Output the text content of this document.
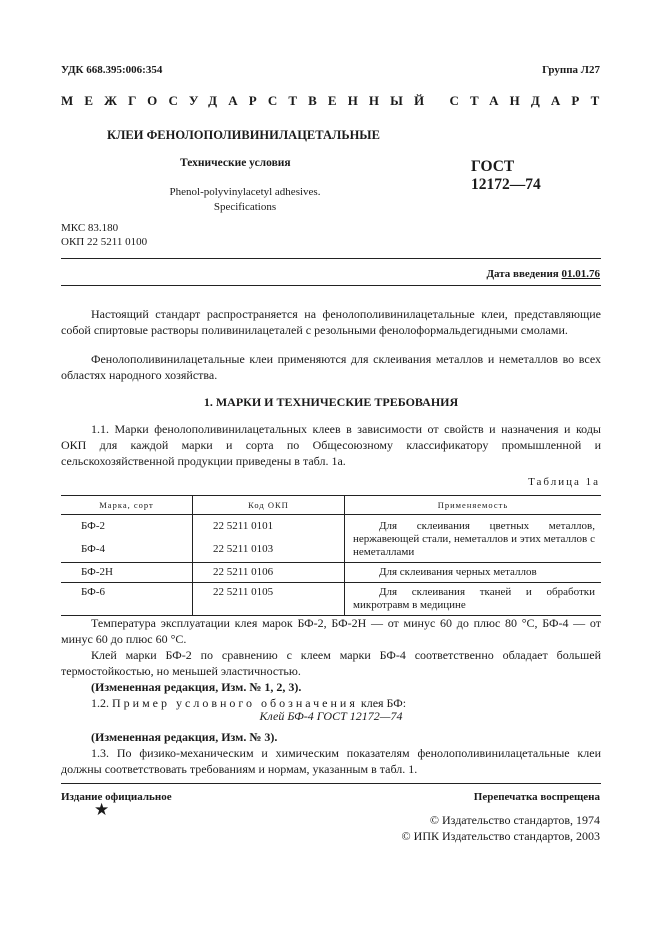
УДК 668.395:006:354	Группа Л27
МЕЖГОСУДАРСТВЕННЫЙ СТАНДАРТ
КЛЕИ ФЕНОЛОПОЛИВИНИЛАЦЕТАЛЬНЫЕ
Технические условия
Phenol-polyvinylacetyl adhesives.
Specifications
ГОСТ
12172—74
МКС 83.180
ОКП 22 5211 0100
Дата введения 01.01.76
Настоящий стандарт распространяется на фенолополивинилацетальные клеи, представляющие собой спиртовые растворы поливинилацеталей с резольными фенолоформальдегидными смолами.
Фенолополивинилацетальные клеи применяются для склеивания металлов и неметаллов во всех областях народного хозяйства.
1. МАРКИ И ТЕХНИЧЕСКИЕ ТРЕБОВАНИЯ
1.1. Марки фенолополивинилацетальных клеев в зависимости от свойств и назначения и коды ОКП для каждой марки и сорта по Общесоюзному классификатору промышленной и сельскохозяйственной продукции приведены в табл. 1а.
Таблица 1а
Марка, сорт	Код ОКП	Применяемость
БФ-2	22 5211 0101	Для склеивания цветных металлов, нержавеющей стали, неметаллов и этих металлов с неметаллами
БФ-4	22 5211 0103	
БФ-2Н	22 5211 0106	Для склеивания черных металлов
БФ-6	22 5211 0105	Для склеивания тканей и обработки микротравм в медицине
Температура эксплуатации клея марок БФ-2, БФ-2Н — от минус 60 до плюс 80 °С, БФ-4 — от минус 60 до плюс 60 °С.
Клей марки БФ-2 по сравнению с клеем марки БФ-4 соответственно обладает большей термостойкостью, но меньшей эластичностью.
(Измененная редакция, Изм. № 1, 2, 3).
1.2. Пример условного обозначения клея БФ:
Клей БФ-4 ГОСТ 12172—74
(Измененная редакция, Изм. № 3).
1.3. По физико-механическим и химическим показателям фенолополивинилацетальные клеи должны соответствовать требованиям и нормам, указанным в табл. 1.
Издание официальное	Перепечатка воспрещена
★
© Издательство стандартов, 1974
© ИПК Издательство стандартов, 2003
